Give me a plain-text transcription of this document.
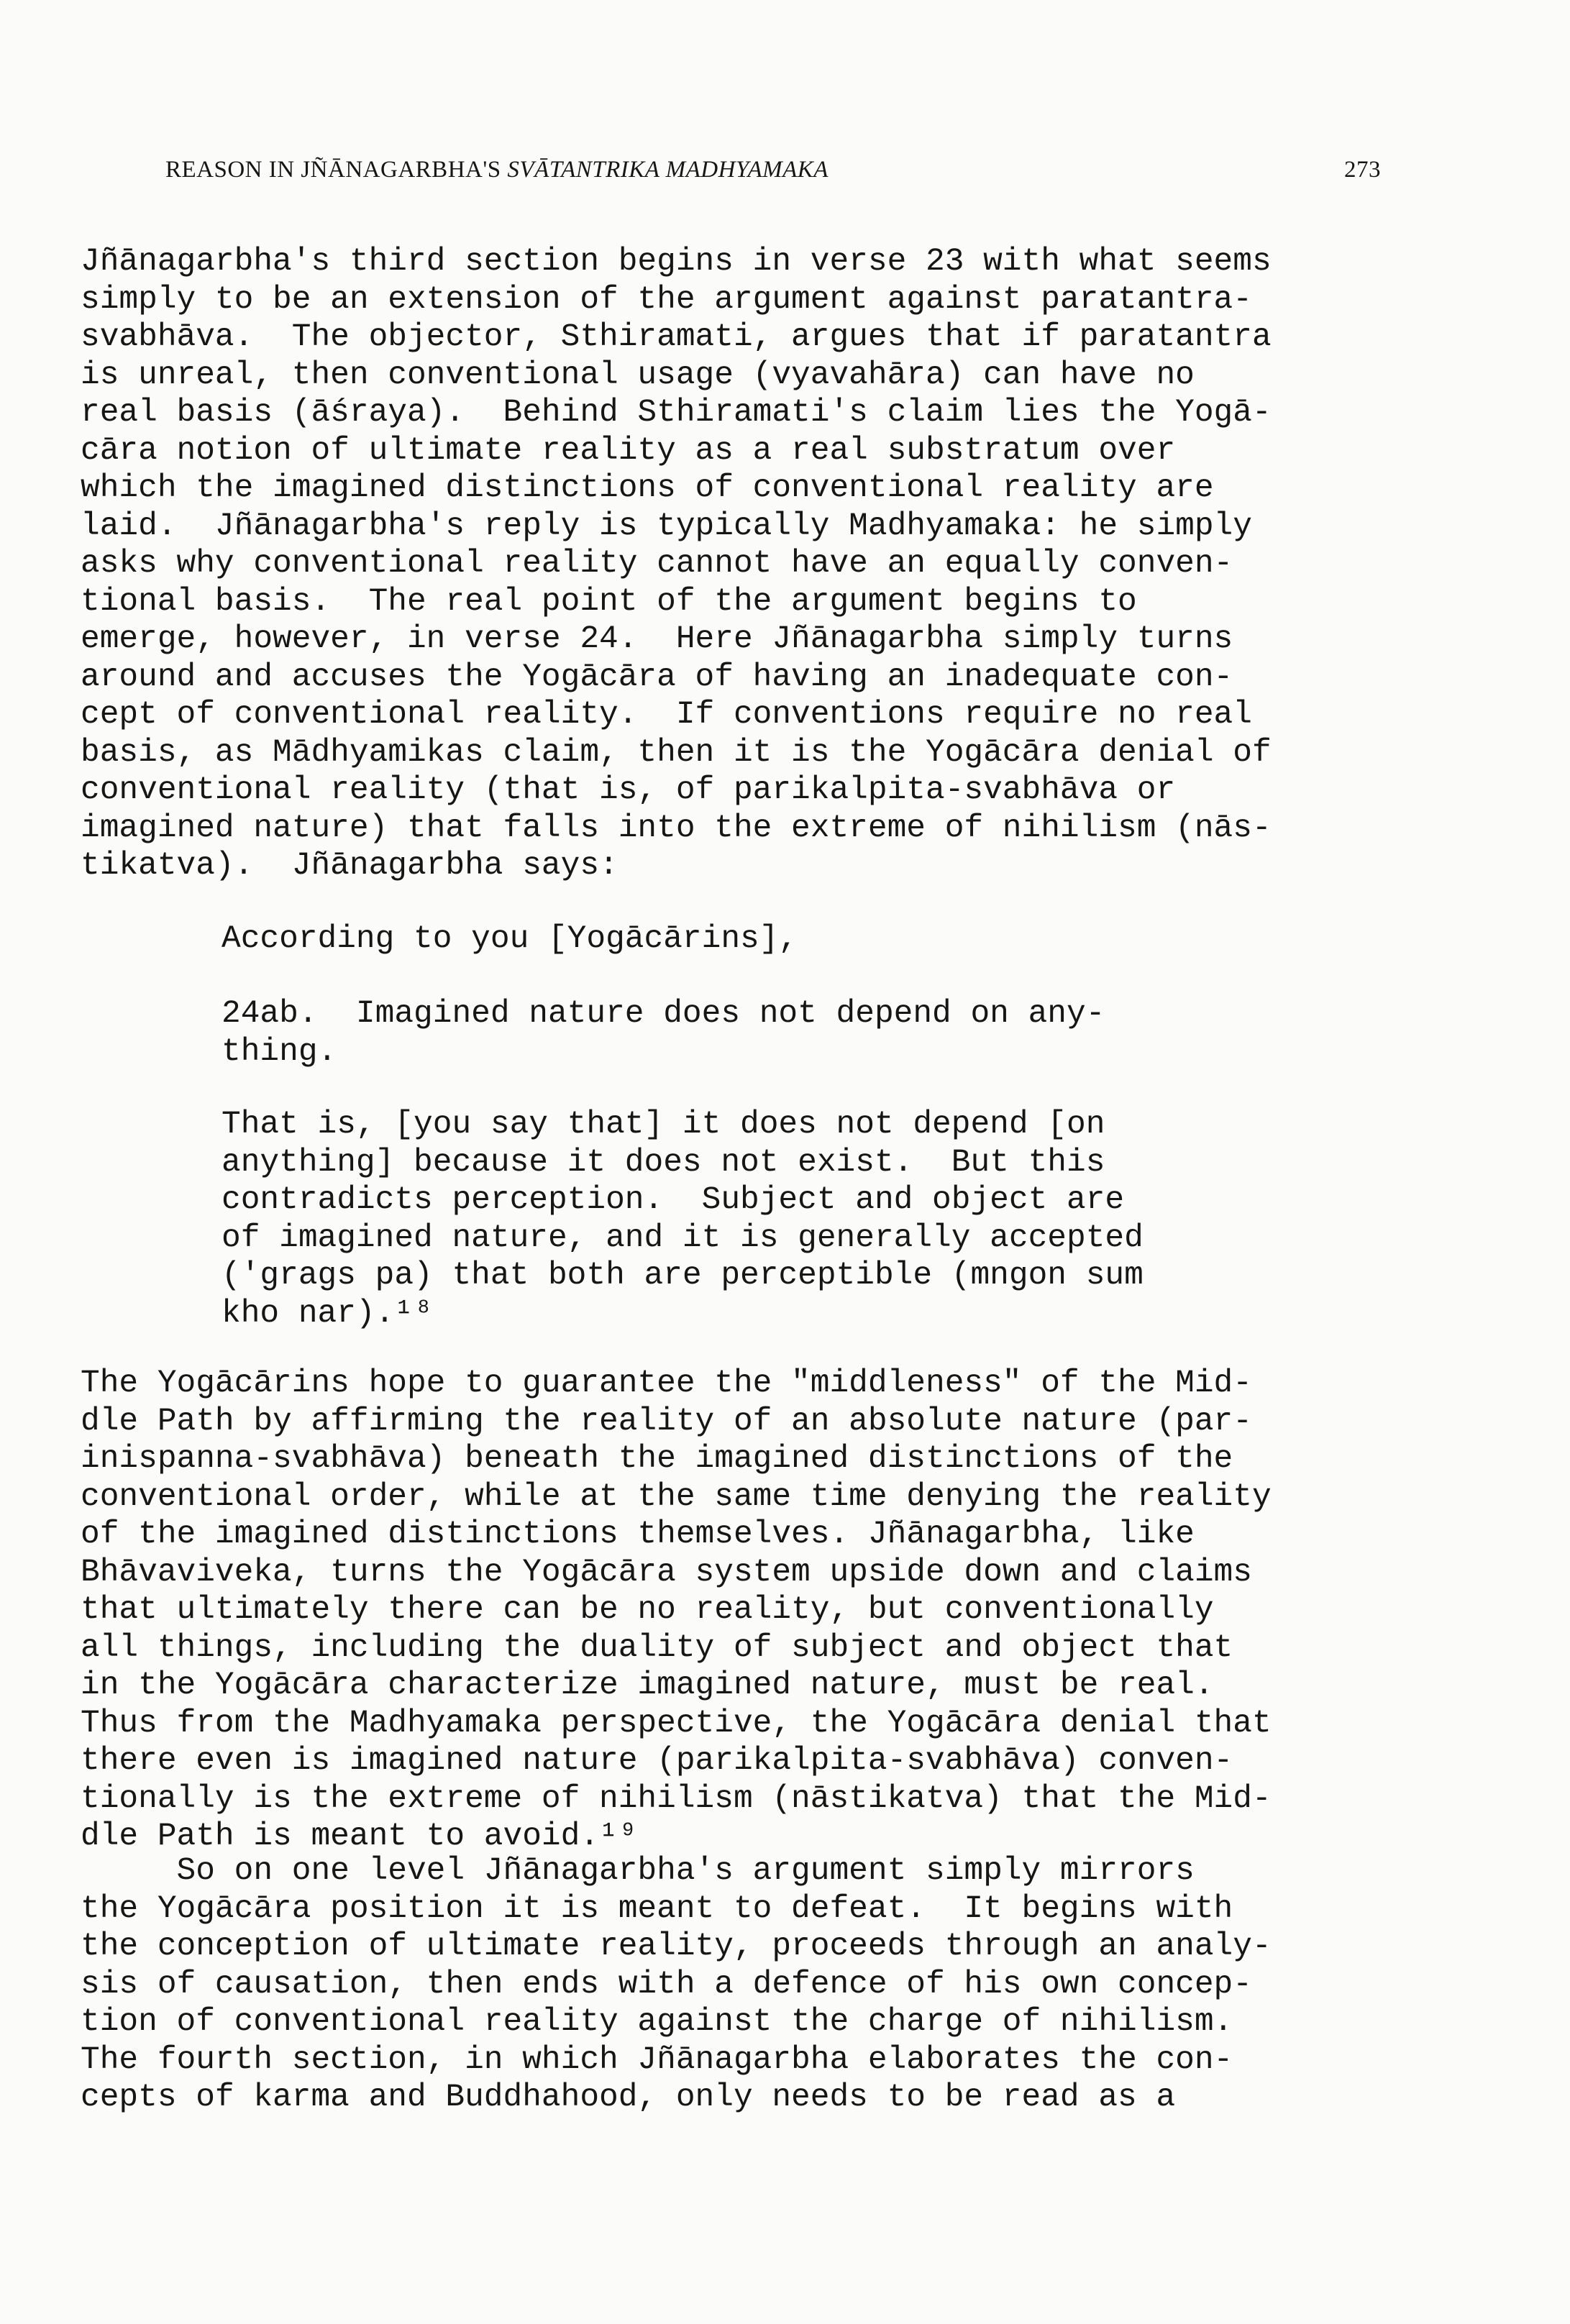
REASON IN JÑĀNAGARBHA'S SVĀTANTRIKA MADHYAMAKA	273

Jñānagarbha's third section begins in verse 23 with what seems
simply to be an extension of the argument against paratantra-
svabhāva.  The objector, Sthiramati, argues that if paratantra
is unreal, then conventional usage (vyavahāra) can have no
real basis (āśraya).  Behind Sthiramati's claim lies the Yogā-
cāra notion of ultimate reality as a real substratum over
which the imagined distinctions of conventional reality are
laid.  Jñānagarbha's reply is typically Madhyamaka: he simply
asks why conventional reality cannot have an equally conven-
tional basis.  The real point of the argument begins to
emerge, however, in verse 24.  Here Jñānagarbha simply turns
around and accuses the Yogācāra of having an inadequate con-
cept of conventional reality.  If conventions require no real
basis, as Mādhyamikas claim, then it is the Yogācāra denial of
conventional reality (that is, of parikalpita-svabhāva or
imagined nature) that falls into the extreme of nihilism (nās-
tikatva).  Jñānagarbha says:

According to you [Yogācārins],

24ab.  Imagined nature does not depend on any-
thing.

That is, [you say that] it does not depend [on
anything] because it does not exist.  But this
contradicts perception.  Subject and object are
of imagined nature, and it is generally accepted
('grags pa) that both are perceptible (mngon sum
kho nar).¹⁸

The Yogācārins hope to guarantee the "middleness" of the Mid-
dle Path by affirming the reality of an absolute nature (par-
inispanna-svabhāva) beneath the imagined distinctions of the
conventional order, while at the same time denying the reality
of the imagined distinctions themselves. Jñānagarbha, like
Bhāvaviveka, turns the Yogācāra system upside down and claims
that ultimately there can be no reality, but conventionally
all things, including the duality of subject and object that
in the Yogācāra characterize imagined nature, must be real.
Thus from the Madhyamaka perspective, the Yogācāra denial that
there even is imagined nature (parikalpita-svabhāva) conven-
tionally is the extreme of nihilism (nāstikatva) that the Mid-
dle Path is meant to avoid.¹⁹

So on one level Jñānagarbha's argument simply mirrors
the Yogācāra position it is meant to defeat.  It begins with
the conception of ultimate reality, proceeds through an analy-
sis of causation, then ends with a defence of his own concep-
tion of conventional reality against the charge of nihilism.
The fourth section, in which Jñānagarbha elaborates the con-
cepts of karma and Buddhahood, only needs to be read as a
